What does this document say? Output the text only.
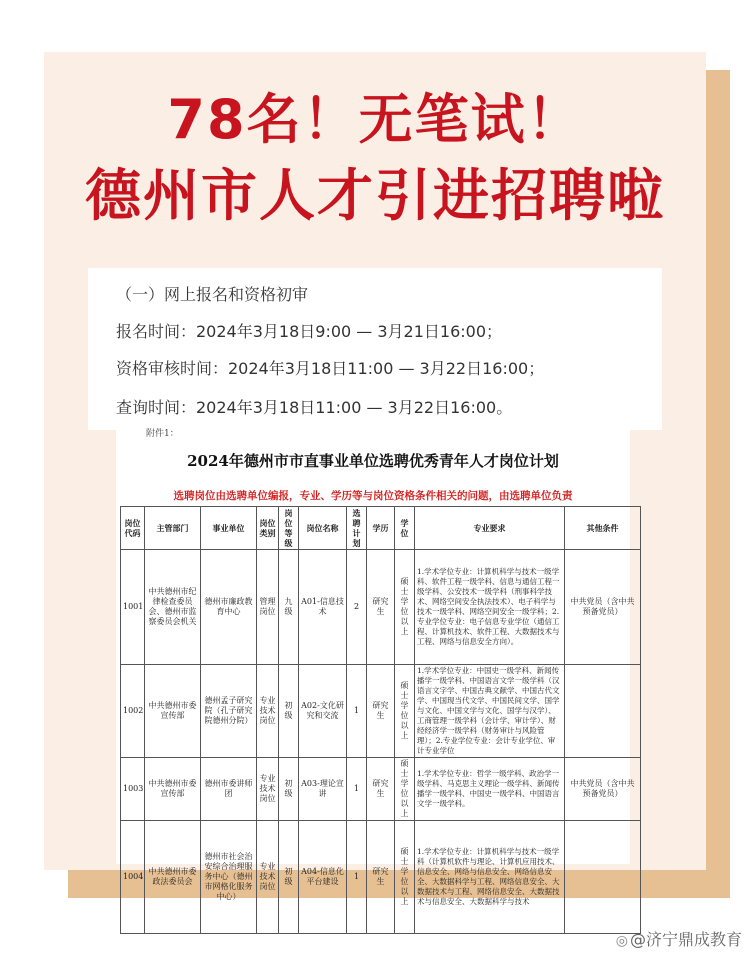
78名！无笔试！
德州市人才引进招聘啦
（一）网上报名和资格初审
报名时间：2024年3月18日9:00 — 3月21日16:00；
资格审核时间：2024年3月18日11:00 — 3月22日16:00；
查询时间：2024年3月18日11:00 — 3月22日16:00。
附件1：
2024年德州市市直事业单位选聘优秀青年人才岗位计划
选聘岗位由选聘单位编报，专业、学历等与岗位资格条件相关的问题，由选聘单位负责
岗位代码	主管部门	事业单位	岗位类别	岗位等级	岗位名称	选聘计划	学历	学位	专业要求	其他条件
1001	中共德州市纪律检查委员会、德州市监察委员会机关	德州市廉政教育中心	管理岗位	九级	A01-信息技术	2	研究生	硕士学位以上	1.学术学位专业：计算机科学与技术一级学科、软件工程一级学科、信息与通信工程一级学科、公安技术一级学科（刑事科学技术、网络空间安全执法技术）、电子科学与技术一级学科、网络空间安全一级学科；2.专业学位专业：电子信息专业学位（通信工程、计算机技术、软件工程、大数据技术与工程、网络与信息安全方向）。	中共党员（含中共预备党员）
1002	中共德州市委宣传部	德州孟子研究院（孔子研究院德州分院）	专业技术岗位	初级	A02-文化研究和交流	1	研究生	硕士学位以上	1.学术学位专业：中国史一级学科、新闻传播学一级学科、中国语言文学一级学科（汉语言文字学、中国古典文献学、中国古代文学、中国现当代文学、中国民间文学、国学与文化、中国文学与文化、国学与汉学）、工商管理一级学科（会计学、审计学）、财经经济学一级学科（财务审计与风险管理）；2.专业学位专业：会计专业学位、审计专业学位	
1003	中共德州市委宣传部	德州市委讲师团	专业技术岗位	初级	A03-理论宣讲	1	研究生	硕士学位以上	1.学术学位专业：哲学一级学科、政治学一级学科、马克思主义理论一级学科、新闻传播学一级学科、中国史一级学科、中国语言文学一级学科。	中共党员（含中共预备党员）
1004	中共德州市委政法委员会	德州市社会治安综合治理服务中心（德州市网格化服务中心）	专业技术岗位	初级	A04-信息化平台建设	1	研究生	硕士学位以上	1.学术学位专业：计算机科学与技术一级学科（计算机软件与理论、计算机应用技术、信息安全、网络与信息安全、网络信息安全、大数据科学与工程、网络信息安全、大数据技术与工程、网络信息安全、大数据技术与信息安全、大数据科学与技术	
◎ @济宁鼎成教育
